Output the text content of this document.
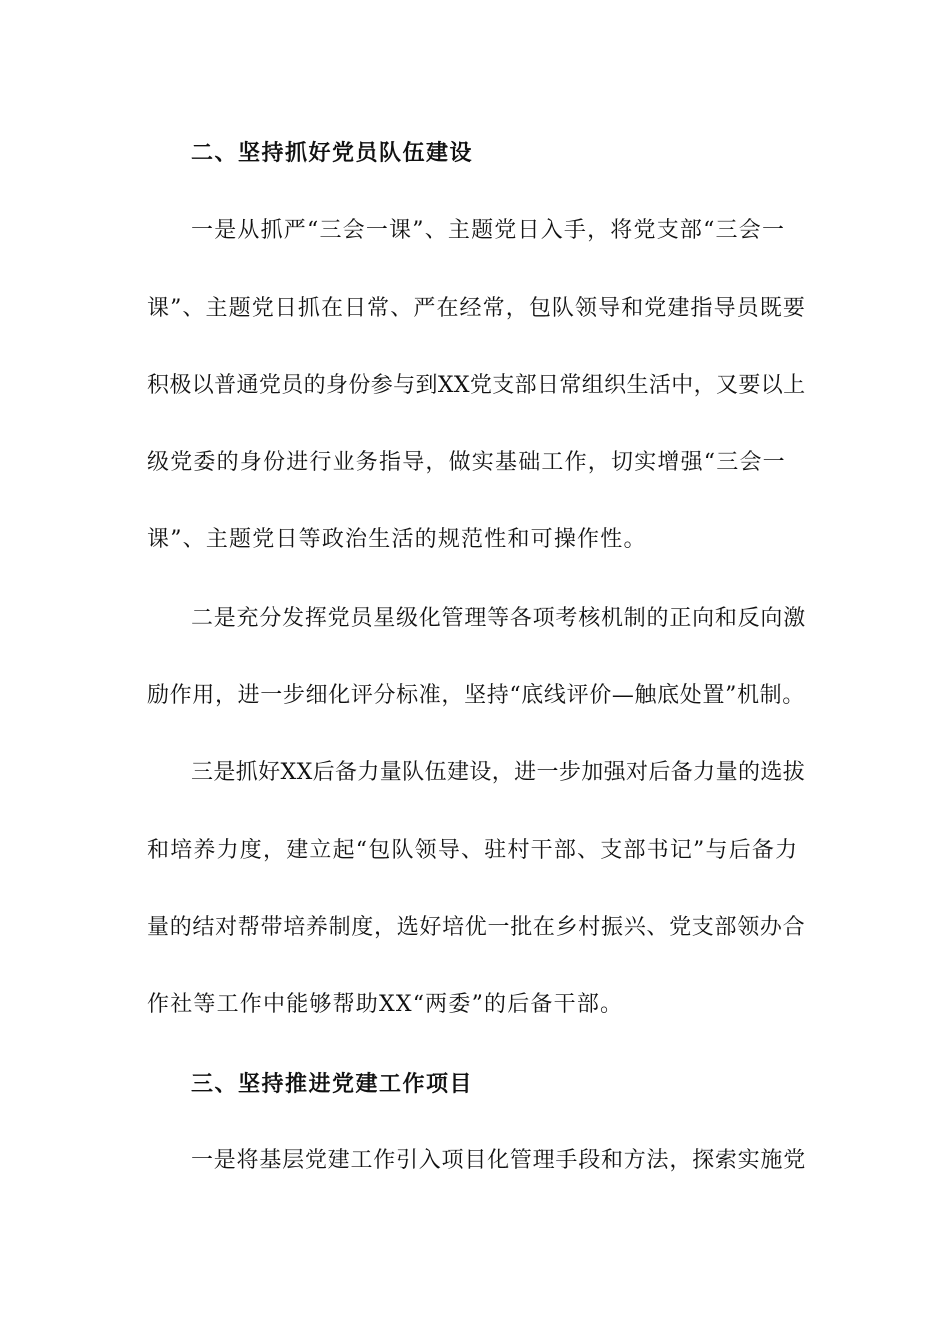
二、坚持抓好党员队伍建设
一是从抓严“三会一课”、主题党日入手，将党支部“三会一
课”、主题党日抓在日常、严在经常，包队领导和党建指导员既要
积极以普通党员的身份参与到XX党支部日常组织生活中，又要以上
级党委的身份进行业务指导，做实基础工作，切实增强“三会一
课”、主题党日等政治生活的规范性和可操作性。
二是充分发挥党员星级化管理等各项考核机制的正向和反向激
励作用，进一步细化评分标准，坚持“底线评价—触底处置”机制。
三是抓好XX后备力量队伍建设，进一步加强对后备力量的选拔
和培养力度，建立起“包队领导、驻村干部、支部书记”与后备力
量的结对帮带培养制度，选好培优一批在乡村振兴、党支部领办合
作社等工作中能够帮助XX“两委”的后备干部。
三、坚持推进党建工作项目
一是将基层党建工作引入项目化管理手段和方法，探索实施党
